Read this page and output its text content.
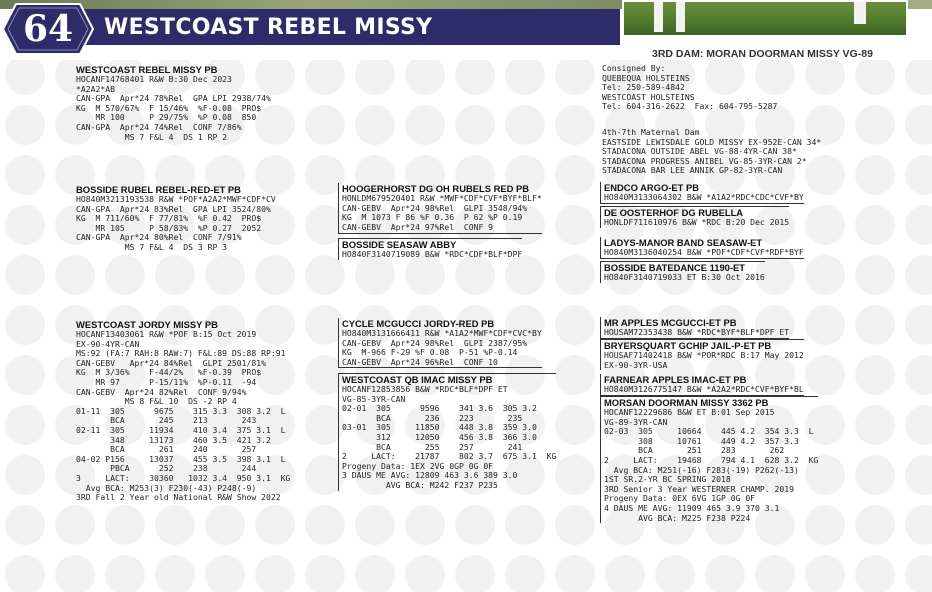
WESTCOAST REBEL MISSY
64
3RD DAM: MORAN DOORMAN MISSY VG-89
WESTCOAST REBEL MISSY PB
HOCANF14768401 R&W B:30 Dec 2023
*A2A2*AB
CAN-GPA  Apr*24 78%Rel  GPA LPI 2938/74%
KG  M 570/67%  F 15/46%  %F-0.08  PRO$
MR 100     P 29/75%  %P 0.08  850
CAN-GPA  Apr*24 74%Rel  CONF 7/86%
MS 7 F&L 4  DS 1 RP 2
Consigned By:
QUEBEQUA HOLSTEINS
Tel: 250-589-4842
WESTCOAST HOLSTEINS
Tel: 604-316-2622  Fax: 604-795-5287
4th-7th Maternal Dam
EASTSIDE LEWISDALE GOLD MISSY EX-952E-CAN 34*
STADACONA OUTSIDE ABEL VG-88-4YR-CAN 38*
STADACONA PROGRESS ANIBEL VG-85-3YR-CAN 2*
STADACONA BAR LEE ANNIK GP-82-3YR-CAN
BOSSIDE RUBEL REBEL-RED-ET PB
HO840M3213193538 R&W *POF*A2A2*MWF*CDF*CV
CAN-GPA  Apr*24 83%Rel  GPA LPI 3524/80%
KG  M 711/60%  F 77/81%  %F 0.42  PRO$
MR 105     P 58/83%  %P 0.27  2052
CAN-GPA  Apr*24 80%Rel  CONF 7/91%
MS 7 F&L 4  DS 3 RP 3
HOOGERHORST DG OH RUBELS RED PB
HONLDM679520401 R&W *MWF*CDF*CVF*BYF*BLF*
CAN-GEBV  Apr*24 98%Rel  GLPI 3548/94%
KG  M 1073 F 86 %F 0.36  P 62 %P 0.19
CAN-GEBV  Apr*24 97%Rel  CONF 9
BOSSIDE SEASAW ABBY
HO840F3140719089 B&W *RDC*CDF*BLF*DPF
ENDCO ARGO-ET PB
HO840M3133064302 B&W *A1A2*RDC*CDC*CVF*BY
DE OOSTERHOF DG RUBELLA
HONLDF711610976 B&W *RDC B:20 Dec 2015
LADYS-MANOR BAND SEASAW-ET
HO840M3136040254 B&W *POF*CDF*CVF*RDF*BYF
BOSSIDE BATEDANCE 1190-ET
HO840F3140719033 ET B:30 Oct 2016
WESTCOAST JORDY MISSY PB
HOCANF13403061 R&W *POF B:15 Oct 2019
EX-90-4YR-CAN
MS:92 (FA:7 RAH:8 RAW:7) F&L:89 DS:88 RP:91
CAN-GEBV   Apr*24 84%Rel  GLPI 2501/81%
KG  M 3/36%    F-44/2%   %F-0.39  PRO$
MR 97      P-15/11%  %P-0.11  -94
CAN-GEBV  Apr*24 82%Rel  CONF 9/94%
MS 8 F&L 10  DS -2 RP 4
01-11  305      9675    315 3.3  308 3.2  L
BCA       245    213       243
02-11  305     11934    410 3.4  375 3.1  L
348     13173    460 3.5  421 3.2
BCA       261    240       257
04-02 P156     13037    455 3.5  398 3.1  L
PBCA      252    238       244
3     LACT:    30360   1032 3.4  950 3.1  KG
Avg BCA: M253(3) F230(-43) P248(-9)
3RD Fall 2 Year old National R&W Show 2022
CYCLE MCGUCCI JORDY-RED PB
HO840M3131666411 R&W *A1A2*MWF*CDF*CVC*BY
CAN-GEBV  Apr*24 98%Rel  GLPI 2387/95%
KG  M-966 F-29 %F 0.08  P-51 %P-0.14
CAN-GEBV  Apr*24 96%Rel  CONF 10
WESTCOAST QB IMAC MISSY PB
HOCANF12853856 B&W *RDC*BLF*DPF ET
VG-85-3YR-CAN
02-01  305      9596    341 3.6  305 3.2
BCA       236    223       235
03-01  305     11850    448 3.8  359 3.0
312     12050    456 3.8  366 3.0
BCA       255    257       241
2     LACT:    21787    802 3.7  675 3.1  KG
Progeny Data: 1EX 2VG 0GP 0G 0F
3 DAUS ME AVG: 12809 463 3.6 389 3.0
AVG BCA: M242 F237 P235
MR APPLES MCGUCCI-ET PB
HOUSAM72353438 B&W *RDC*BYF*BLF*DPF ET
BRYERSQUART GCHIP JAIL-P-ET PB
HOUSAF71402418 B&W *POR*RDC B:17 May 2012
EX-90-3YR-USA
FARNEAR APPLES IMAC-ET PB
HO840M3126775147 B&W *A2A2*RDC*CVF*BYF*BL
MORSAN DOORMAN MISSY 3362 PB
HOCANF12229686 B&W ET B:01 Sep 2015
VG-89-3YR-CAN
02-03  305     10664    445 4.2  354 3.3  L
308     10761    449 4.2  357 3.3
BCA       251    283       262
2     LACT:    19468    794 4.1  628 3.2  KG
Avg BCA: M251(-16) F283(-19) P262(-13)
1ST SR.2-YR BC SPRING 2018
3RD Senior 3 Year WESTERNER CHAMP. 2019
Progeny Data: 0EX 6VG 1GP 0G 0F
4 DAUS ME AVG: 11909 465 3.9 370 3.1
AVG BCA: M225 F238 P224
